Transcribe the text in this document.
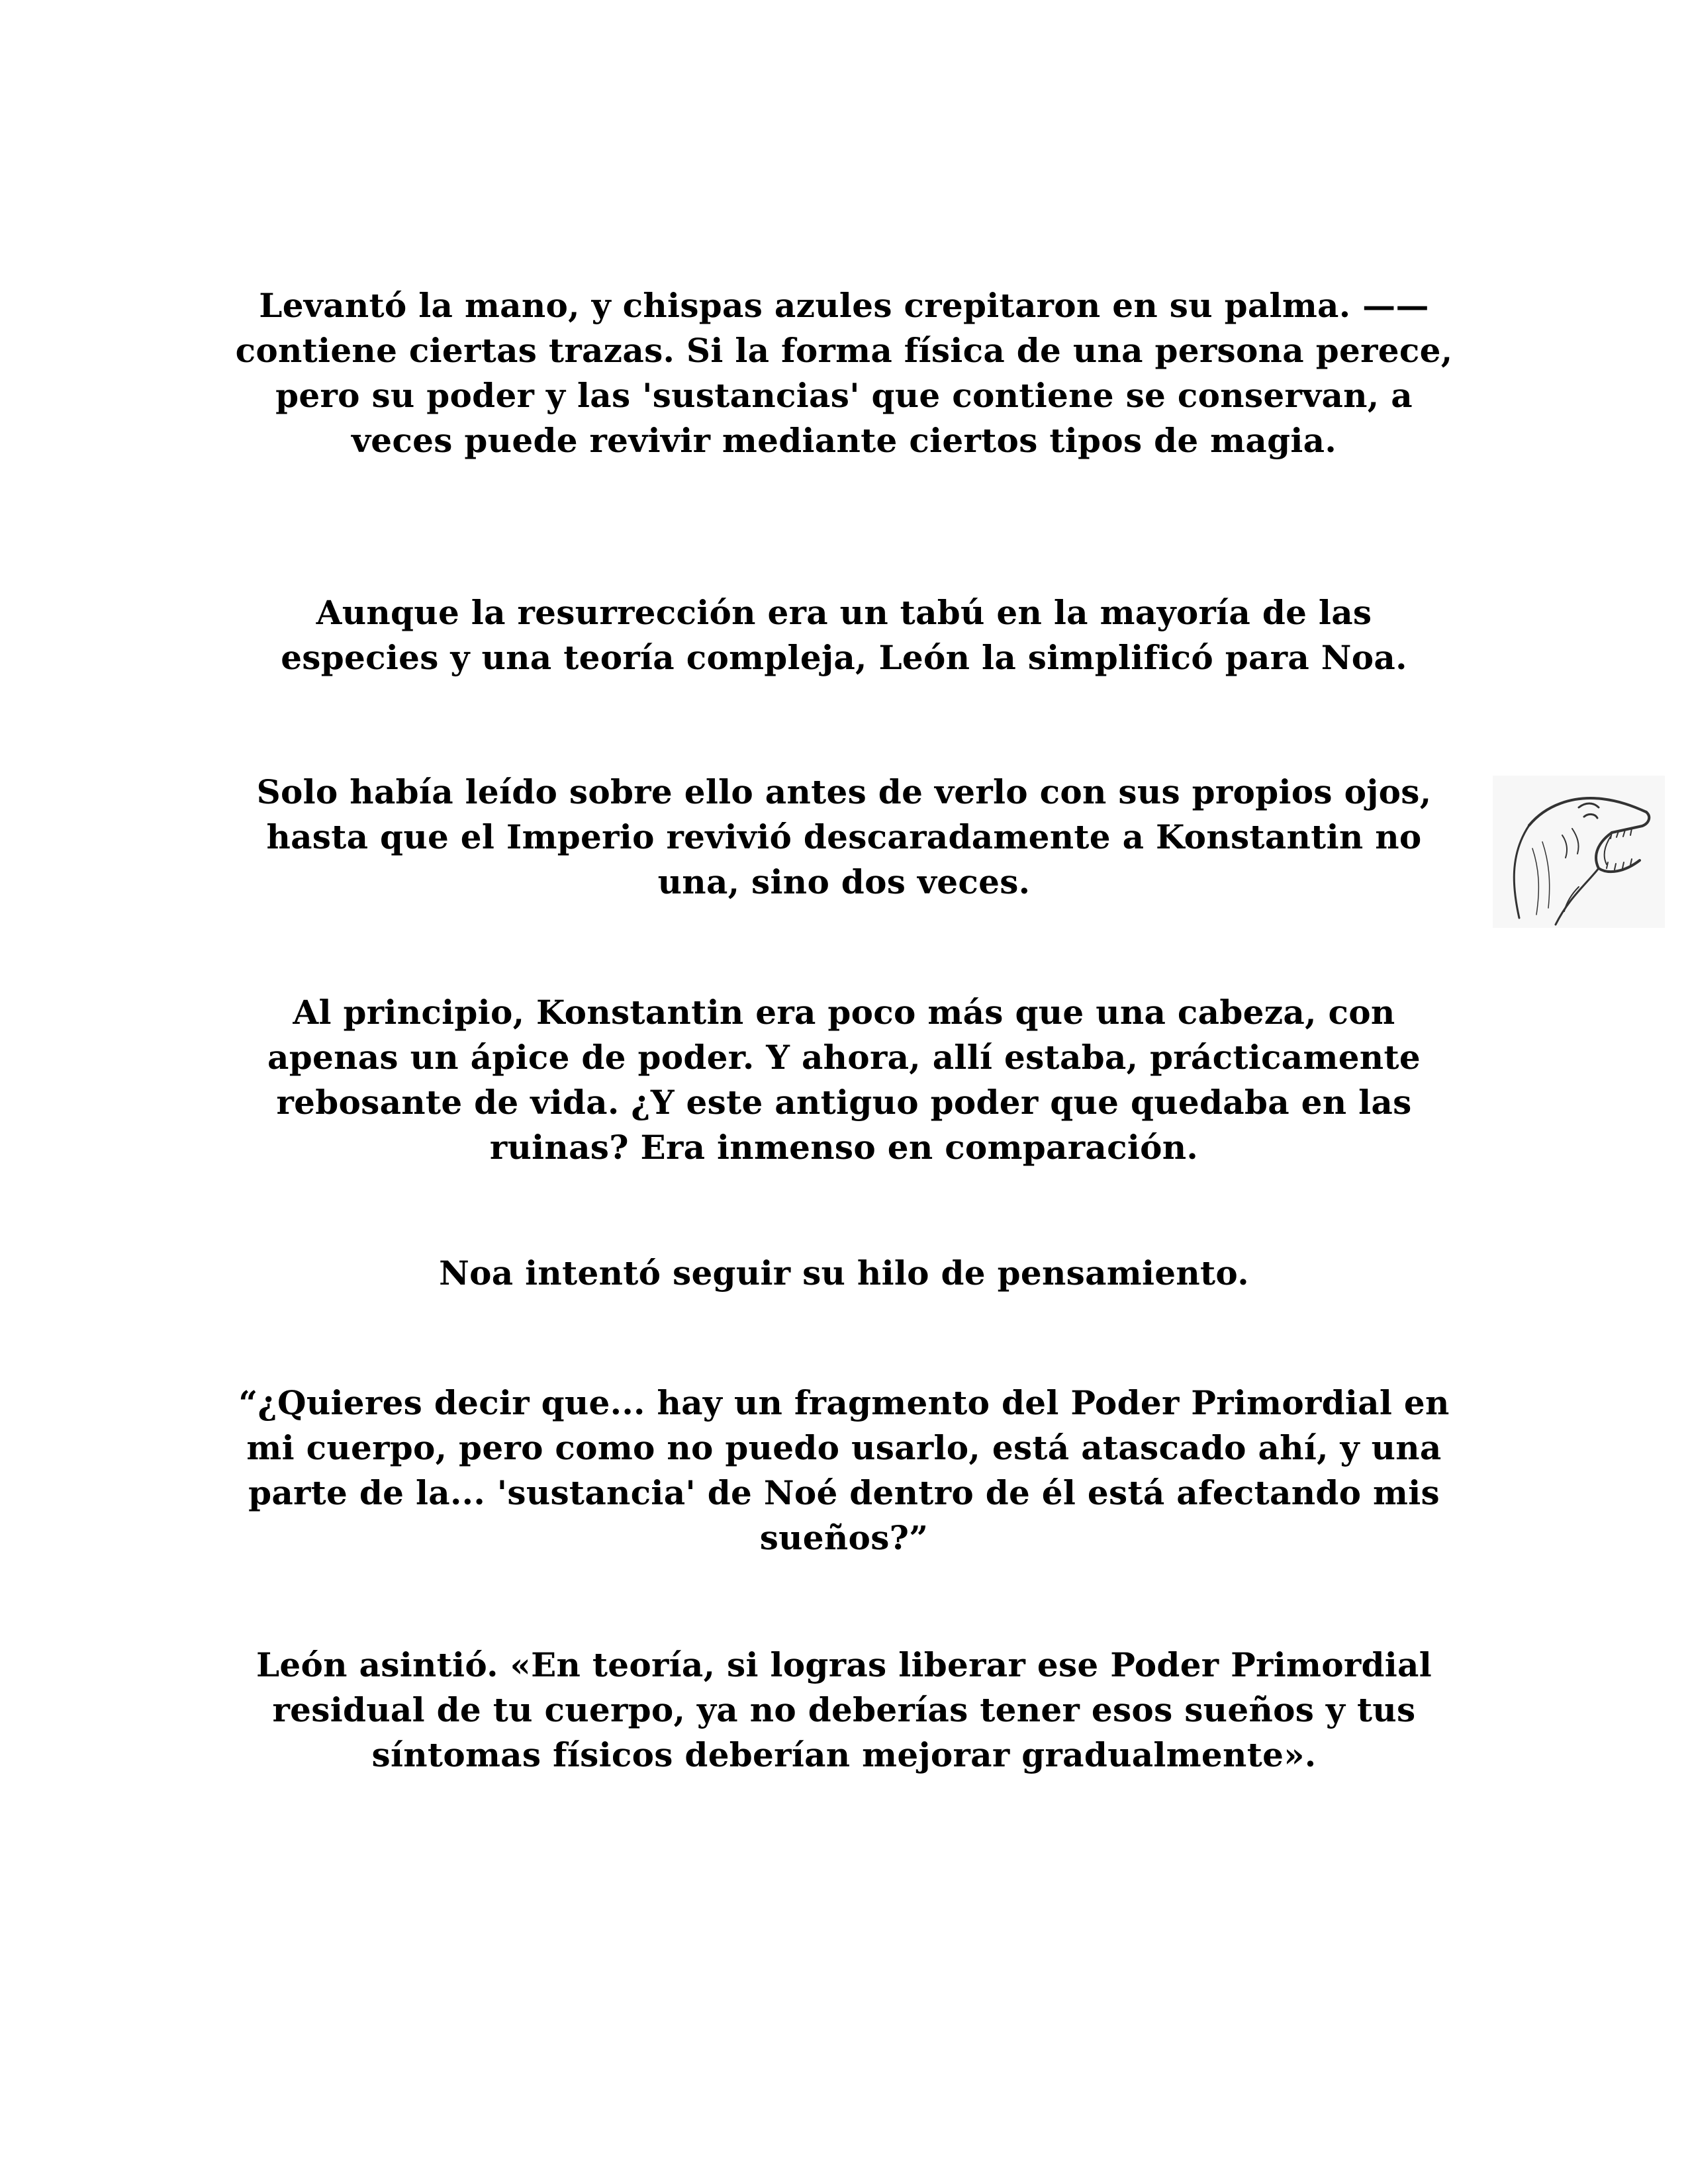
Levantó la mano, y chispas azules crepitaron en su palma. ——contiene ciertas trazas. Si la forma física de una persona perece, pero su poder y las 'sustancias' que contiene se conservan, a veces puede revivir mediante ciertos tipos de magia.

Aunque la resurrección era un tabú en la mayoría de las especies y una teoría compleja, León la simplificó para Noa.

Solo había leído sobre ello antes de verlo con sus propios ojos, hasta que el Imperio revivió descaradamente a Konstantin no una, sino dos veces.

Al principio, Konstantin era poco más que una cabeza, con apenas un ápice de poder. Y ahora, allí estaba, prácticamente rebosante de vida. ¿Y este antiguo poder que quedaba en las ruinas? Era inmenso en comparación.

Noa intentó seguir su hilo de pensamiento.

“¿Quieres decir que... hay un fragmento del Poder Primordial en mi cuerpo, pero como no puedo usarlo, está atascado ahí, y una parte de la... 'sustancia' de Noé dentro de él está afectando mis sueños?”

León asintió. «En teoría, si logras liberar ese Poder Primordial residual de tu cuerpo, ya no deberías tener esos sueños y tus síntomas físicos deberían mejorar gradualmente».
